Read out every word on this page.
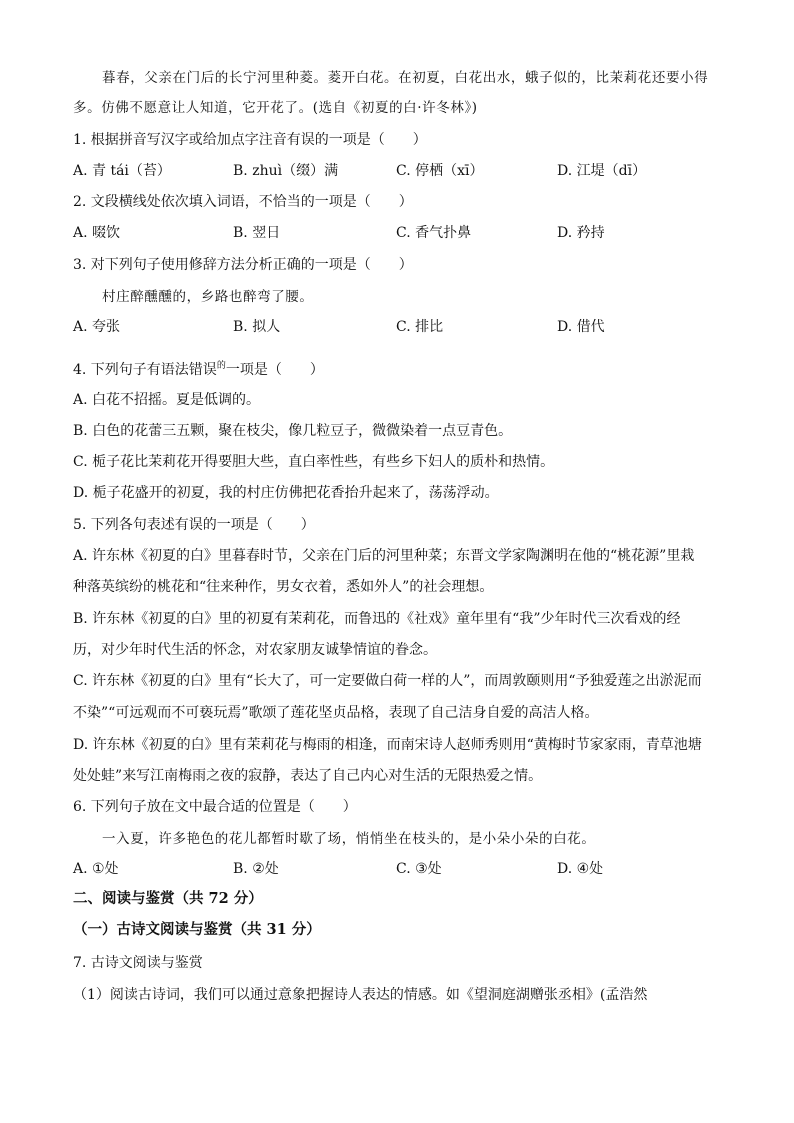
暮春，父亲在门后的长宁河里种菱。菱开白花。在初夏，白花出水，蛾子似的，比茉莉花还要小得
多。仿佛不愿意让人知道，它开花了。(选自《初夏的白·许冬林》)
1. 根据拼音写汉字或给加点字注音有误的一项是（　　）
A. 青 tái（苔）	B. zhuì（缀）满	C. 停栖（xī）	D. 江堤（dī）
2. 文段横线处依次填入词语，不恰当的一项是（　　）
A. 啜饮	B. 翌日	C. 香气扑鼻	D. 矜持
3. 对下列句子使用修辞方法分析正确的一项是（　　）
村庄醉醺醺的，乡路也醉弯了腰。
A. 夸张	B. 拟人	C. 排比	D. 借代
4. 下列句子有语法错误$^的$一项是（　　）
A. 白花不招摇。夏是低调的。
B. 白色的花蕾三五颗，聚在枝尖，像几粒豆子，微微染着一点豆青色。
C. 栀子花比茉莉花开得要胆大些，直白率性些，有些乡下妇人的质朴和热情。
D. 栀子花盛开的初夏，我的村庄仿佛把花香抬升起来了，荡荡浮动。
5. 下列各句表述有误的一项是（　　）
A. 许东林《初夏的白》里暮春时节，父亲在门后的河里种菜；东晋文学家陶渊明在他的“桃花源”里栽
种落英缤纷的桃花和“往来种作，男女衣着，悉如外人”的社会理想。
B. 许东林《初夏的白》里的初夏有茉莉花，而鲁迅的《社戏》童年里有“我”少年时代三次看戏的经
历，对少年时代生活的怀念，对农家朋友诚挚情谊的眷念。
C. 许东林《初夏的白》里有“长大了，可一定要做白荷一样的人”，而周敦颐则用“予独爱莲之出淤泥而
不染”“可远观而不可亵玩焉”歌颂了莲花坚贞品格，表现了自己洁身自爱的高洁人格。
D. 许东林《初夏的白》里有茉莉花与梅雨的相逢，而南宋诗人赵师秀则用“黄梅时节家家雨，青草池塘
处处蛙”来写江南梅雨之夜的寂静，表达了自己内心对生活的无限热爱之情。
6. 下列句子放在文中最合适的位置是（　　）
一入夏，许多艳色的花儿都暂时歇了场，悄悄坐在枝头的，是小朵小朵的白花。
A. ①处	B. ②处	C. ③处	D. ④处
二、阅读与鉴赏（共 72 分）
（一）古诗文阅读与鉴赏（共 31 分）
7. 古诗文阅读与鉴赏
（1）阅读古诗词，我们可以通过意象把握诗人表达的情感。如《望洞庭湖赠张丞相》(孟浩然
